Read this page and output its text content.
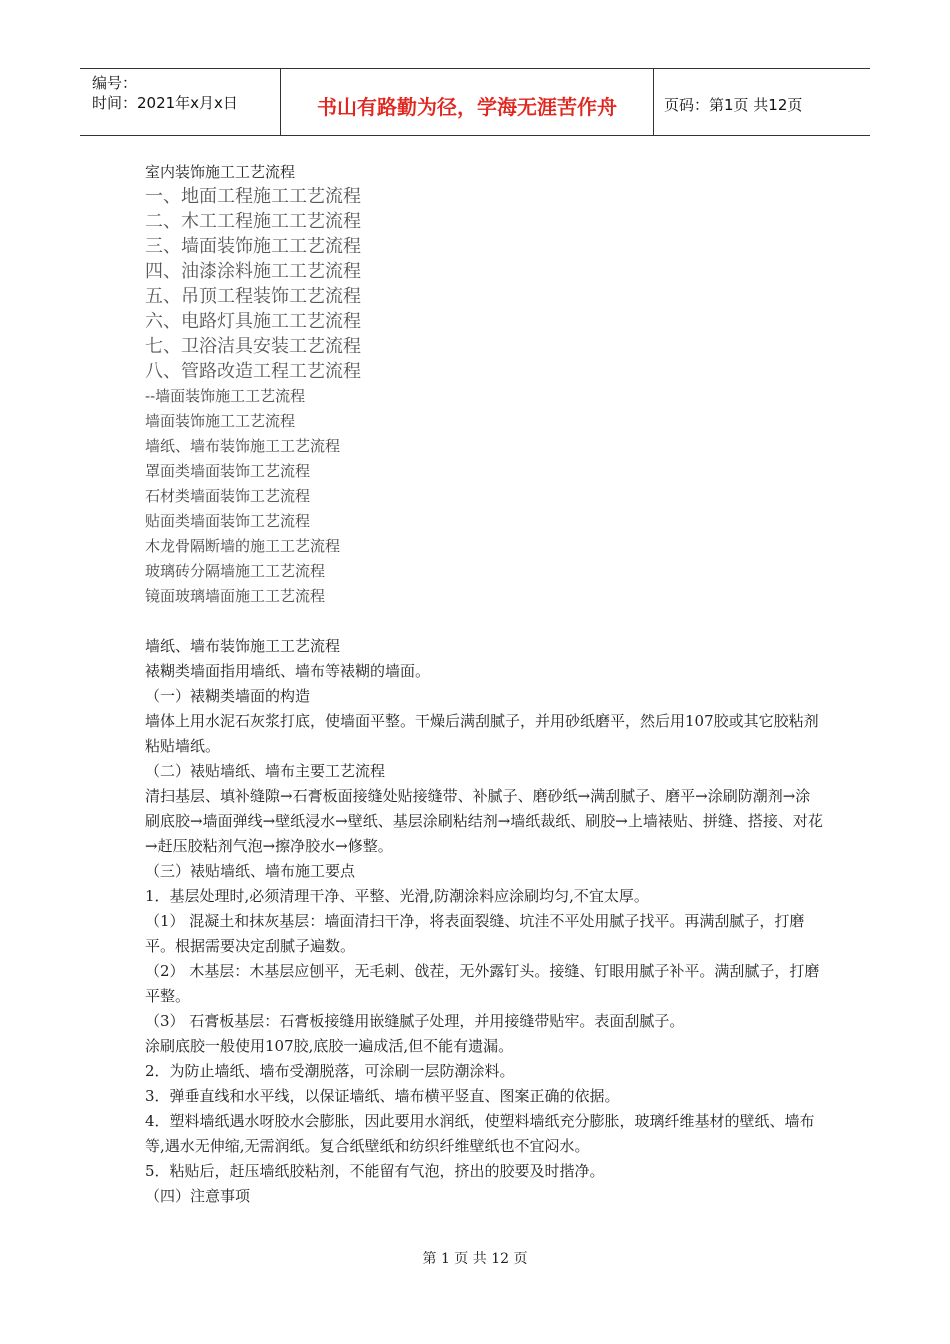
编号：
时间：2021年x月x日	书山有路勤为径，学海无涯苦作舟	页码：第1页 共12页
室内装饰施工工艺流程
一、地面工程施工工艺流程
二、木工工程施工工艺流程
三、墙面装饰施工工艺流程
四、油漆涂料施工工艺流程
五、吊顶工程装饰工艺流程
六、电路灯具施工工艺流程
七、卫浴洁具安装工艺流程
八、管路改造工程工艺流程
--墙面装饰施工工艺流程
墙面装饰施工工艺流程
墙纸、墙布装饰施工工艺流程
罩面类墙面装饰工艺流程
石材类墙面装饰工艺流程
贴面类墙面装饰工艺流程
木龙骨隔断墙的施工工艺流程
玻璃砖分隔墙施工工艺流程
镜面玻璃墙面施工工艺流程

墙纸、墙布装饰施工工艺流程

裱糊类墙面指用墙纸、墙布等裱糊的墙面。

（一）裱糊类墙面的构造

墙体上用水泥石灰浆打底，使墙面平整。干燥后满刮腻子，并用砂纸磨平，然后用107胶或其它胶粘剂粘贴墙纸。

（二）裱贴墙纸、墙布主要工艺流程

清扫基层、填补缝隙→石膏板面接缝处贴接缝带、补腻子、磨砂纸→满刮腻子、磨平→涂刷防潮剂→涂刷底胶→墙面弹线→壁纸浸水→壁纸、基层涂刷粘结剂→墙纸裁纸、刷胶→上墙裱贴、拼缝、搭接、对花→赶压胶粘剂气泡→擦净胶水→修整。

（三）裱贴墙纸、墙布施工要点

1．基层处理时,必须清理干净、平整、光滑,防潮涂料应涂刷均匀,不宜太厚。

（1） 混凝土和抹灰基层：墙面清扫干净，将表面裂缝、坑洼不平处用腻子找平。再满刮腻子，打磨平。根据需要决定刮腻子遍数。

（2） 木基层：木基层应刨平，无毛刺、戗茬，无外露钉头。接缝、钉眼用腻子补平。满刮腻子，打磨平整。

（3） 石膏板基层：石膏板接缝用嵌缝腻子处理，并用接缝带贴牢。表面刮腻子。

涂刷底胶一般使用107胶,底胶一遍成活,但不能有遗漏。

2．为防止墙纸、墙布受潮脱落，可涂刷一层防潮涂料。

3．弹垂直线和水平线，以保证墙纸、墙布横平竖直、图案正确的依据。

4．塑料墙纸遇水呀胶水会膨胀，因此要用水润纸，使塑料墙纸充分膨胀，玻璃纤维基材的壁纸、墙布等,遇水无伸缩,无需润纸。复合纸壁纸和纺织纤维壁纸也不宜闷水。

5．粘贴后，赶压墙纸胶粘剂，不能留有气泡，挤出的胶要及时揩净。

（四）注意事项

第 1 页 共 12 页
